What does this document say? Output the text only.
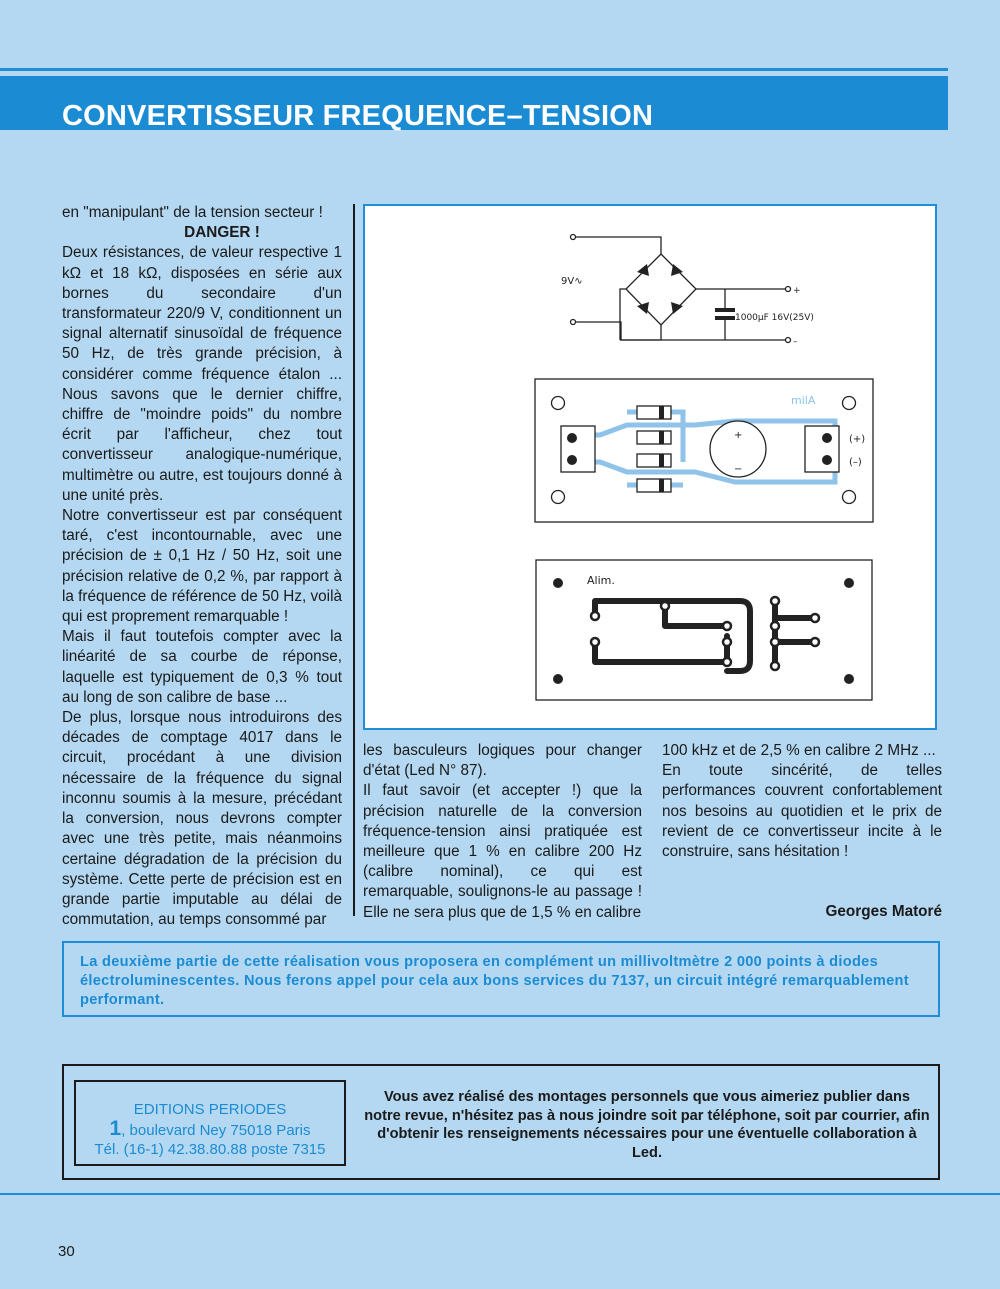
CONVERTISSEUR FREQUENCE–TENSION

en "manipulant" de la tension secteur !

DANGER !

Deux résistances, de valeur respective 1 kΩ et 18 kΩ, disposées en série aux bornes du secondaire d'un transformateur 220/9 V, conditionnent un signal alternatif sinusoïdal de fréquence 50 Hz, de très grande précision, à considérer comme fréquence étalon ... Nous savons que le dernier chiffre, chiffre de "moindre poids" du nombre écrit par l'afficheur, chez tout convertisseur analogique-numérique, multimètre ou autre, est toujours donné à une unité près.

Notre convertisseur est par conséquent taré, c'est incontournable, avec une précision de ± 0,1 Hz / 50 Hz, soit une précision relative de 0,2 %, par rapport à la fréquence de référence de 50 Hz, voilà qui est proprement remarquable !

Mais il faut toutefois compter avec la linéarité de sa courbe de réponse, laquelle est typiquement de 0,3 % tout au long de son calibre de base ...

De plus, lorsque nous introduirons des décades de comptage 4017 dans le circuit, procédant à une division nécessaire de la fréquence du signal inconnu soumis à la mesure, précédant la conversion, nous devrons compter avec une très petite, mais néanmoins certaine dégradation de la précision du système. Cette perte de précision est en grande partie imputable au délai de commutation, au temps consommé par

9V∿
1000µF 16V(25V)
+
–
+
−
milA
(+)
(–)
Alim.

les basculeurs logiques pour changer d'état (Led N° 87).

Il faut savoir (et accepter !) que la précision naturelle de la conversion fréquence-tension ainsi pratiquée est meilleure que 1 % en calibre 200 Hz (calibre nominal), ce qui est remarquable, soulignons-le au passage ! Elle ne sera plus que de 1,5 % en calibre

100 kHz et de 2,5 % en calibre 2 MHz ...

En toute sincérité, de telles performances couvrent confortablement nos besoins au quotidien et le prix de revient de ce convertisseur incite à le construire, sans hésitation !

Georges Matoré
La deuxième partie de cette réalisation vous proposera en complément un millivoltmètre 2 000 points à diodes électroluminescentes. Nous ferons appel pour cela aux bons services du 7137, un circuit intégré remarquablement performant.
EDITIONS PERIODES
1, boulevard Ney 75018 Paris
Tél. (16-1) 42.38.80.88 poste 7315
Vous avez réalisé des montages personnels que vous aimeriez publier dans notre revue, n'hésitez pas à nous joindre soit par téléphone, soit par courrier, afin d'obtenir les renseignements nécessaires pour une éventuelle collaboration à Led.
30
